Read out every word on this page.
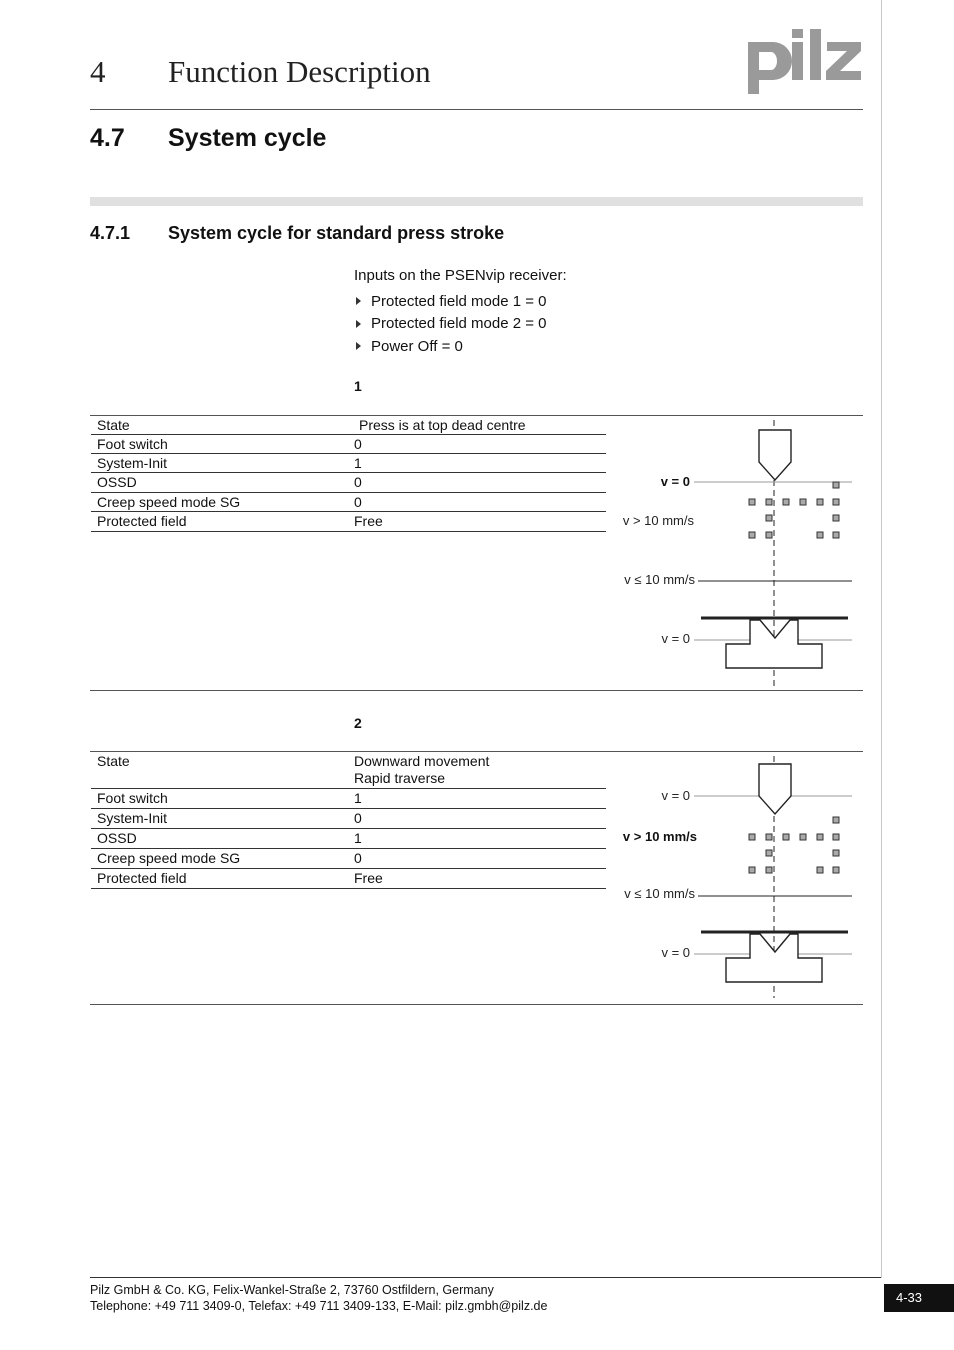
4 Function Description
4.7 System cycle
4.7.1 System cycle for standard press stroke
Inputs on the PSENvip receiver:
Protected field mode 1 = 0
Protected field mode 2 = 0
Power Off = 0
1
State	Press is at top dead centre
Foot switch	0
System-Init	1
OSSD	0
Creep speed mode SG	0
Protected field	Free
v = 0
v > 10 mm/s
v ≤ 10 mm/s
v = 0
2
State	Downward movement
Rapid traverse
Foot switch	1
System-Init	0
OSSD	1
Creep speed mode SG	0
Protected field	Free
v = 0
v > 10 mm/s
v ≤ 10 mm/s
v = 0
Pilz GmbH & Co. KG, Felix-Wankel-Straße 2, 73760 Ostfildern, Germany
Telephone: +49 711 3409-0, Telefax: +49 711 3409-133, E-Mail: pilz.gmbh@pilz.de
4-33
